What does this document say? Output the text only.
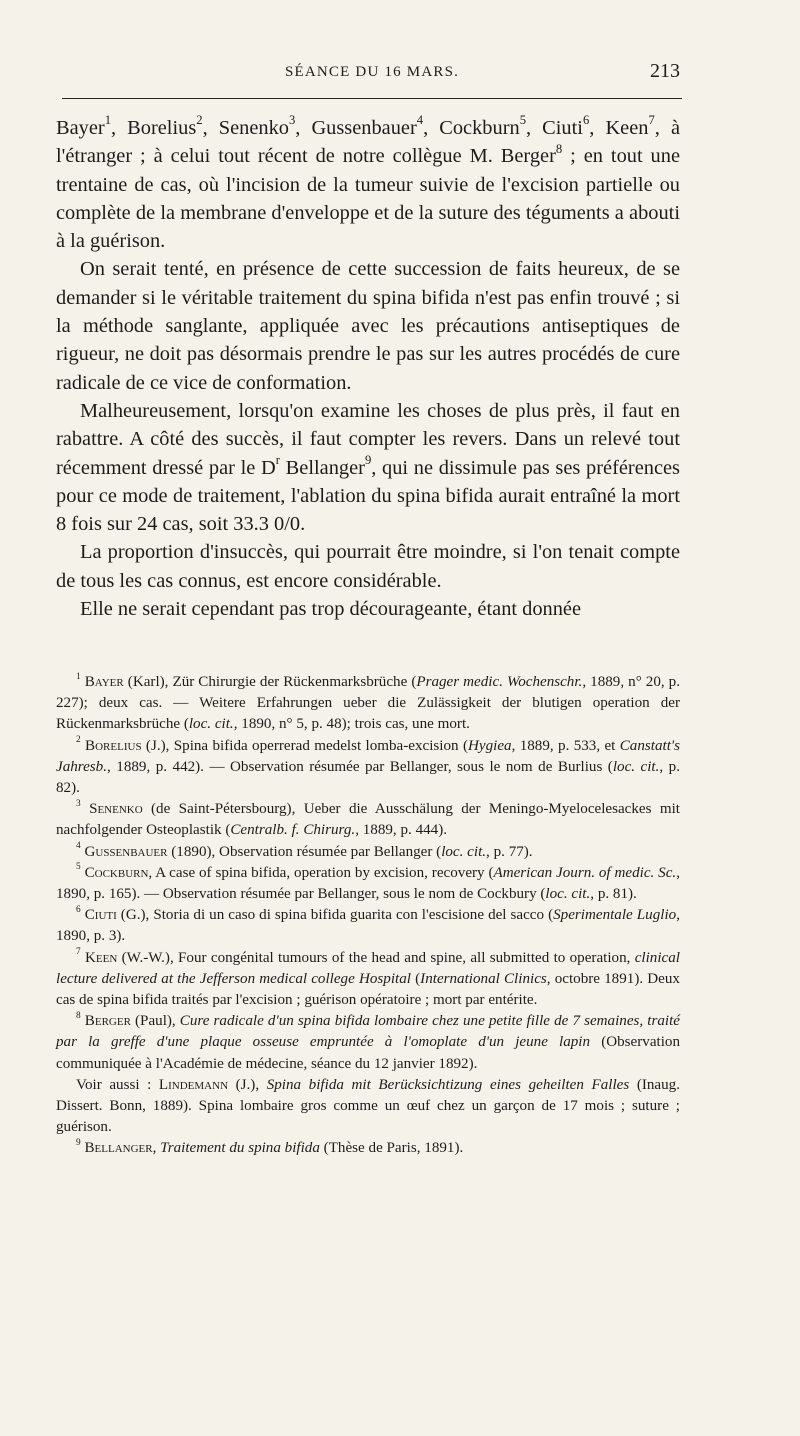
SÉANCE DU 16 MARS.	213

Bayer$^1$, Borelius$^2$, Senenko$^3$, Gussenbauer$^4$, Cockburn$^5$, Ciuti$^6$, Keen$^7$, à l'étranger ; à celui tout récent de notre collègue M. Berger$^8$ ; en tout une trentaine de cas, où l'incision de la tumeur suivie de l'excision partielle ou complète de la membrane d'enveloppe et de la suture des téguments a abouti à la guérison.

On serait tenté, en présence de cette succession de faits heureux, de se demander si le véritable traitement du spina bifida n'est pas enfin trouvé ; si la méthode sanglante, appliquée avec les précautions antiseptiques de rigueur, ne doit pas désormais prendre le pas sur les autres procédés de cure radicale de ce vice de conformation.

Malheureusement, lorsqu'on examine les choses de plus près, il faut en rabattre. A côté des succès, il faut compter les revers. Dans un relevé tout récemment dressé par le $D^r$ Bellanger$^9$, qui ne dissimule pas ses préférences pour ce mode de traitement, l'ablation du spina bifida aurait entraîné la mort 8 fois sur 24 cas, soit 33.3 0/0.

La proportion d'insuccès, qui pourrait être moindre, si l'on tenait compte de tous les cas connus, est encore considérable.

Elle ne serait cependant pas trop décourageante, étant donnée

$^1$ Bayer (Karl), Zür Chirurgie der Rückenmarksbrüche (Prager medic. Wochenschr., 1889, n° 20, p. 227); deux cas. — Weitere Erfahrungen ueber die Zulässigkeit der blutigen operation der Rückenmarksbrüche (loc. cit., 1890, n° 5, p. 48); trois cas, une mort.

$^2$ Borelius (J.), Spina bifida operrerad medelst lomba-excision (Hygiea, 1889, p. 533, et Canstatt's Jahresb., 1889, p. 442). — Observation résumée par Bellanger, sous le nom de Burlius (loc. cit., p. 82).

$^3$ Senenko (de Saint-Pétersbourg), Ueber die Ausschälung der Meningo-Myelocelesackes mit nachfolgender Osteoplastik (Centralb. f. Chirurg., 1889, p. 444).

$^4$ Gussenbauer (1890), Observation résumée par Bellanger (loc. cit., p. 77).

$^5$ Cockburn, A case of spina bifida, operation by excision, recovery (American Journ. of medic. Sc., 1890, p. 165). — Observation résumée par Bellanger, sous le nom de Cockbury (loc. cit., p. 81).

$^6$ Ciuti (G.), Storia di un caso di spina bifida guarita con l'escisione del sacco (Sperimentale Luglio, 1890, p. 3).

$^7$ Keen (W.-W.), Four congénital tumours of the head and spine, all submitted to operation, clinical lecture delivered at the Jefferson medical college Hospital (International Clinics, octobre 1891). Deux cas de spina bifida traités par l'excision ; guérison opératoire ; mort par entérite.

$^8$ Berger (Paul), Cure radicale d'un spina bifida lombaire chez une petite fille de 7 semaines, traité par la greffe d'une plaque osseuse empruntée à l'omoplate d'un jeune lapin (Observation communiquée à l'Académie de médecine, séance du 12 janvier 1892).

Voir aussi : Lindemann (J.), Spina bifida mit Berücksichtizung eines geheilten Falles (Inaug. Dissert. Bonn, 1889). Spina lombaire gros comme un œuf chez un garçon de 17 mois ; suture ; guérison.

$^9$ Bellanger, Traitement du spina bifida (Thèse de Paris, 1891).
